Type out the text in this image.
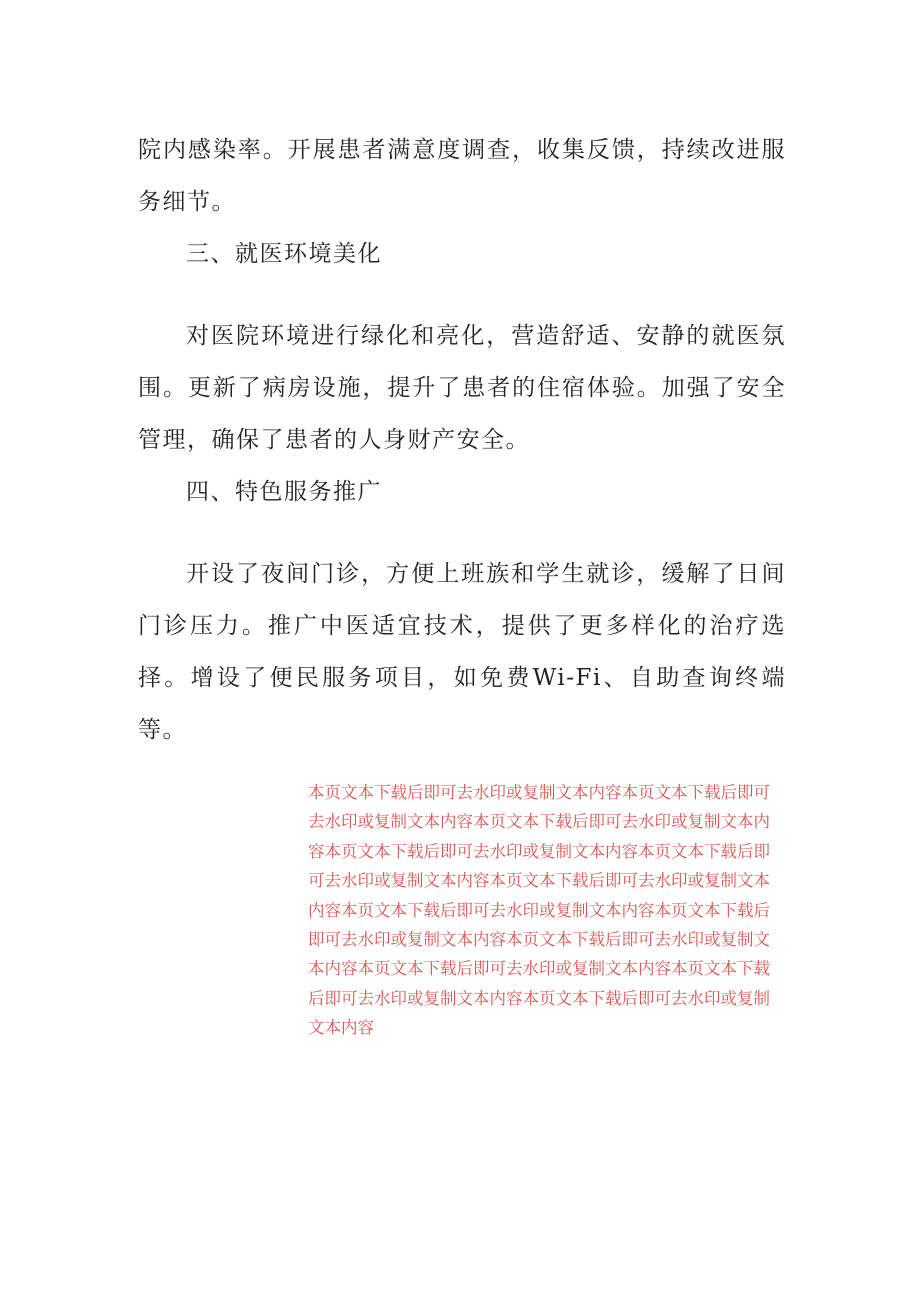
院内感染率。开展患者满意度调查，收集反馈，持续改进服务细节。

三、就医环境美化

对医院环境进行绿化和亮化，营造舒适、安静的就医氛围。更新了病房设施，提升了患者的住宿体验。加强了安全管理，确保了患者的人身财产安全。

四、特色服务推广

开设了夜间门诊，方便上班族和学生就诊，缓解了日间门诊压力。推广中医适宜技术，提供了更多样化的治疗选择。增设了便民服务项目，如免费Wi-Fi、自助查询终端等。

本页文本下载后即可去水印或复制文本内容本页文本下载后即可去水印或复制文本内容本页文本下载后即可去水印或复制文本内容本页文本下载后即可去水印或复制文本内容本页文本下载后即可去水印或复制文本内容本页文本下载后即可去水印或复制文本内容本页文本下载后即可去水印或复制文本内容本页文本下载后即可去水印或复制文本内容本页文本下载后即可去水印或复制文本内容本页文本下载后即可去水印或复制文本内容本页文本下载后即可去水印或复制文本内容本页文本下载后即可去水印或复制文本内容
